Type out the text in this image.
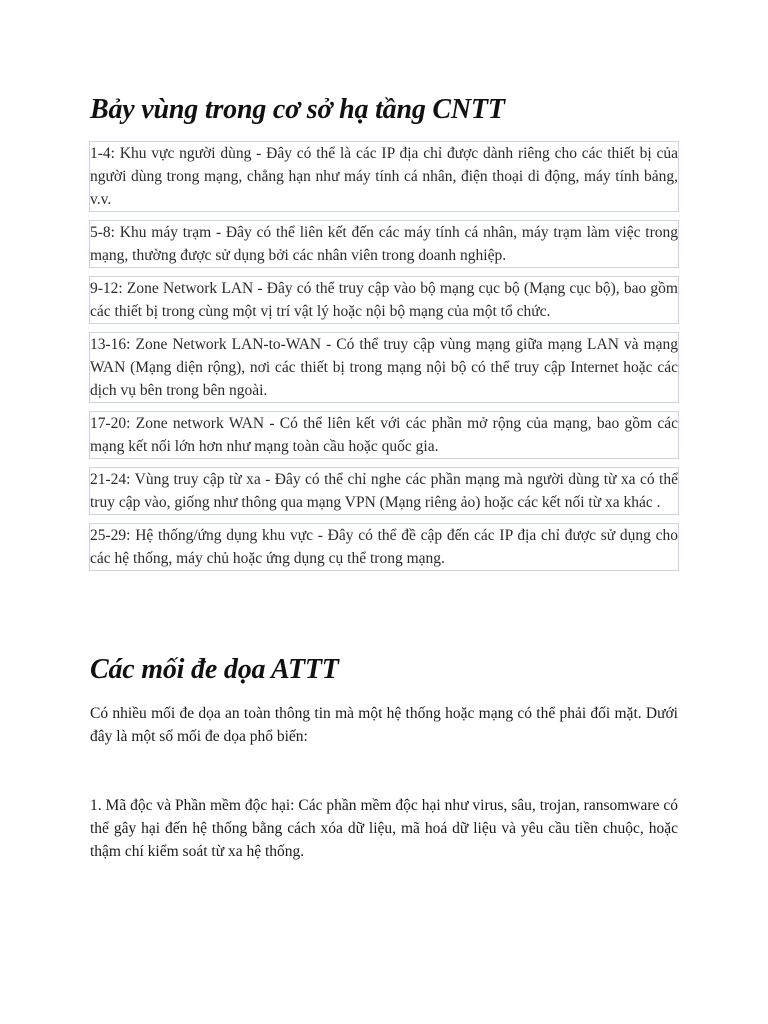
Bảy vùng trong cơ sở hạ tầng CNTT

1-4: Khu vực người dùng - Đây có thể là các IP địa chỉ được dành riêng cho các thiết bị của người dùng trong mạng, chẳng hạn như máy tính cá nhân, điện thoại di động, máy tính bảng, v.v.

5-8: Khu máy trạm - Đây có thể liên kết đến các máy tính cá nhân, máy trạm làm việc trong mạng, thường được sử dụng bởi các nhân viên trong doanh nghiệp.

9-12: Zone Network LAN - Đây có thể truy cập vào bộ mạng cục bộ (Mạng cục bộ), bao gồm các thiết bị trong cùng một vị trí vật lý hoặc nội bộ mạng của một tổ chức.

13-16: Zone Network LAN-to-WAN - Có thể truy cập vùng mạng giữa mạng LAN và mạng WAN (Mạng diện rộng), nơi các thiết bị trong mạng nội bộ có thể truy cập Internet hoặc các dịch vụ bên trong bên ngoài.

17-20: Zone network WAN - Có thể liên kết với các phần mở rộng của mạng, bao gồm các mạng kết nối lớn hơn như mạng toàn cầu hoặc quốc gia.

21-24: Vùng truy cập từ xa - Đây có thể chỉ nghe các phần mạng mà người dùng từ xa có thể truy cập vào, giống như thông qua mạng VPN (Mạng riêng ảo) hoặc các kết nối từ xa khác .

25-29: Hệ thống/ứng dụng khu vực - Đây có thể đề cập đến các IP địa chỉ được sử dụng cho các hệ thống, máy chủ hoặc ứng dụng cụ thể trong mạng.

Các mối đe dọa ATTT

Có nhiều mối đe dọa an toàn thông tin mà một hệ thống hoặc mạng có thể phải đối mặt. Dưới đây là một số mối đe dọa phổ biến:

1. Mã độc và Phần mềm độc hại: Các phần mềm độc hại như virus, sâu, trojan, ransomware có thể gây hại đến hệ thống bằng cách xóa dữ liệu, mã hoá dữ liệu và yêu cầu tiền chuộc, hoặc thậm chí kiểm soát từ xa hệ thống.
